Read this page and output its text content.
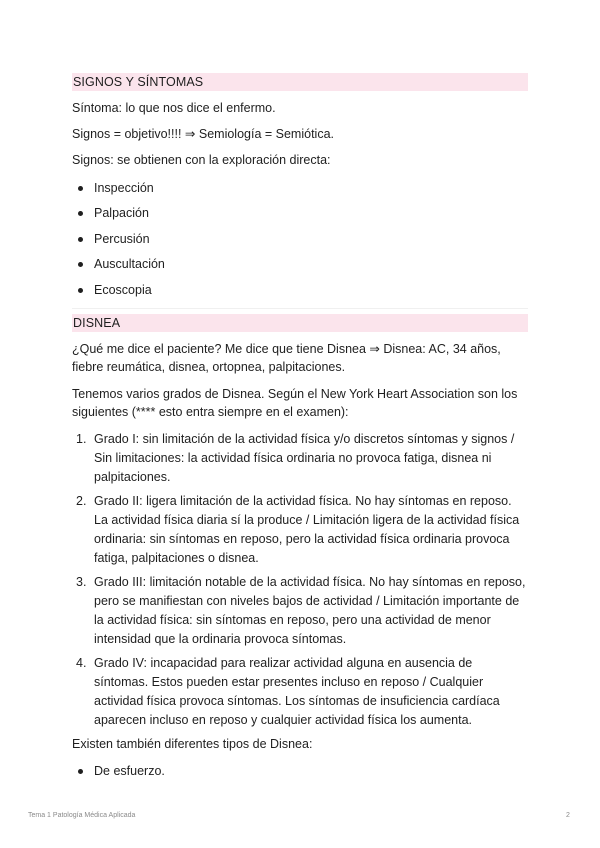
SIGNOS Y SÍNTOMAS

Síntoma: lo que nos dice el enfermo.

Signos = objetivo!!!! ⇒ Semiología = Semiótica.

Signos: se obtienen con la exploración directa:

Inspección
Palpación
Percusión
Auscultación
Ecoscopia
DISNEA

¿Qué me dice el paciente? Me dice que tiene Disnea ⇒ Disnea: AC, 34 años, fiebre reumática, disnea, ortopnea, palpitaciones.

Tenemos varios grados de Disnea. Según el New York Heart Association son los siguientes (**** esto entra siempre en el examen):

1. Grado I: sin limitación de la actividad física y/o discretos síntomas y signos / Sin limitaciones: la actividad física ordinaria no provoca fatiga, disnea ni palpitaciones.
2. Grado II: ligera limitación de la actividad física. No hay síntomas en reposo. La actividad física diaria sí la produce / Limitación ligera de la actividad física ordinaria: sin síntomas en reposo, pero la actividad física ordinaria provoca fatiga, palpitaciones o disnea.
3. Grado III: limitación notable de la actividad física. No hay síntomas en reposo, pero se manifiestan con niveles bajos de actividad / Limitación importante de la actividad física: sin síntomas en reposo, pero una actividad de menor intensidad que la ordinaria provoca síntomas.
4. Grado IV: incapacidad para realizar actividad alguna en ausencia de síntomas. Estos pueden estar presentes incluso en reposo / Cualquier actividad física provoca síntomas. Los síntomas de insuficiencia cardíaca aparecen incluso en reposo y cualquier actividad física los aumenta.

Existen también diferentes tipos de Disnea:

De esfuerzo.
Tema 1 Patología Médica Aplicada	2
